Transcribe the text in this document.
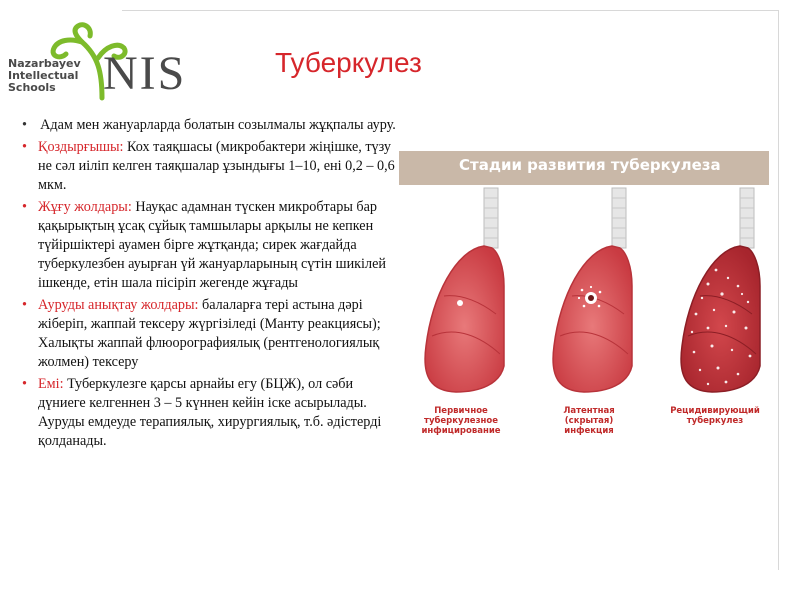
Nazarbayev
Intellectual
Schools NIS	Туберкулез

• Адам мен жануарларда болатын созылмалы жұқпалы ауру.

• Қоздырғышы: Кох таяқшасы (микробактери жіңішке, түзу не сәл иіліп келген таяқшалар ұзындығы 1–10, ені 0,2 – 0,6 мкм.

• Жұғу жолдары: Науқас адамнан түскен микробтары бар қақырықтың ұсақ сұйық тамшылары арқылы не кепкен түйіршіктері ауамен бірге жұтқанда; сирек жағдайда туберкулезбен ауырған үй жануарларының сүтін шикілей ішкенде, етін шала пісіріп жегенде жұғады

• Ауруды анықтау жолдары: балаларға тері астына дәрі жіберіп, жаппай тексеру жүргізіледі (Манту реакциясы); Халықты жаппай флюорографиялық (рентгенологиялық жолмен) тексеру

• Емі: Туберкулезге қарсы арнайы егу (БЦЖ), ол сәби дүниеге келгеннен 3 – 5 күннен кейін іске асырылады. Ауруды емдеуде терапиялық, хирургиялық, т.б. әдістерді қолданады.

Стадии развития туберкулеза
Первичное
туберкулезное
инфицирование
Латентная
(скрытая)
инфекция
Рецидивирующий
туберкулез
